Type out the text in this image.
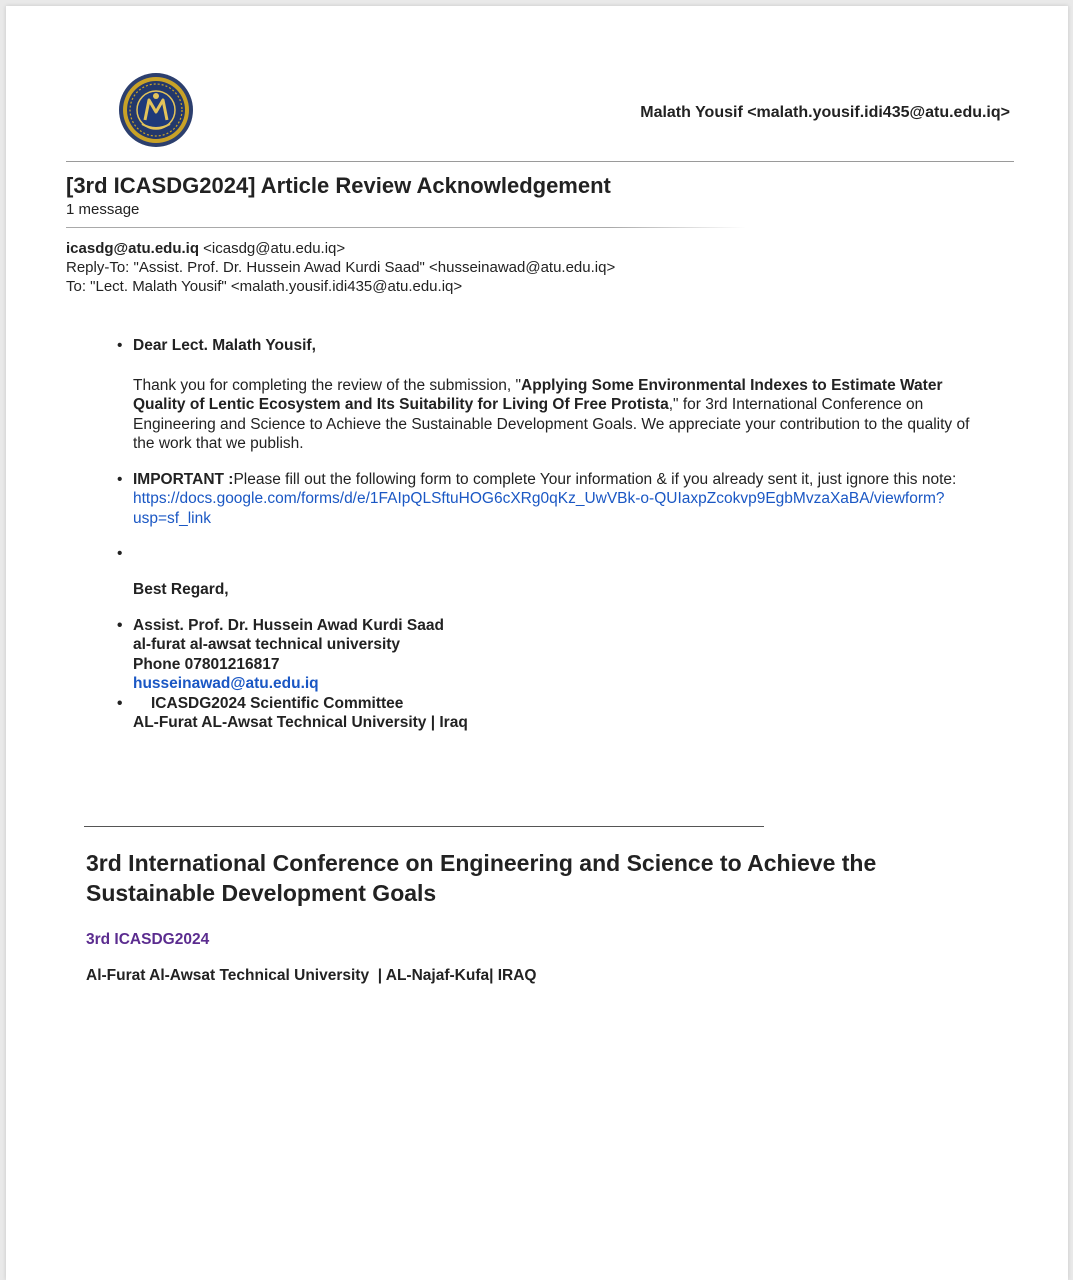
Malath Yousif <malath.yousif.idi435@atu.edu.iq>
[3rd ICASDG2024] Article Review Acknowledgement
1 message
icasdg@atu.edu.iq <icasdg@atu.edu.iq>
Reply-To: "Assist. Prof. Dr. Hussein Awad Kurdi Saad" <husseinawad@atu.edu.iq>
To: "Lect. Malath Yousif" <malath.yousif.idi435@atu.edu.iq>
• Dear Lect. Malath Yousif,
Thank you for completing the review of the submission, "Applying Some Environmental Indexes to Estimate Water Quality of Lentic Ecosystem and Its Suitability for Living Of Free Protista," for 3rd International Conference on Engineering and Science to Achieve the Sustainable Development Goals. We appreciate your contribution to the quality of the work that we publish.
• IMPORTANT :Please fill out the following form to complete Your information & if you already sent it, just ignore this note: https://docs.google.com/forms/d/e/1FAIpQLSftuHOG6cXRg0qKz_UwVBk-o-QUIaxpZcokvp9EgbMvzaXaBA/viewform?usp=sf_link
•
Best Regard,
• Assist. Prof. Dr. Hussein Awad Kurdi Saad
al-furat al-awsat technical university
Phone 07801216817
husseinawad@atu.edu.iq
•	ICASDG2024 Scientific Committee
AL-Furat AL-Awsat Technical University | Iraq
3rd International Conference on Engineering and Science to Achieve the Sustainable Development Goals
3rd ICASDG2024
Al-Furat Al-Awsat Technical University  | AL-Najaf-Kufa| IRAQ
